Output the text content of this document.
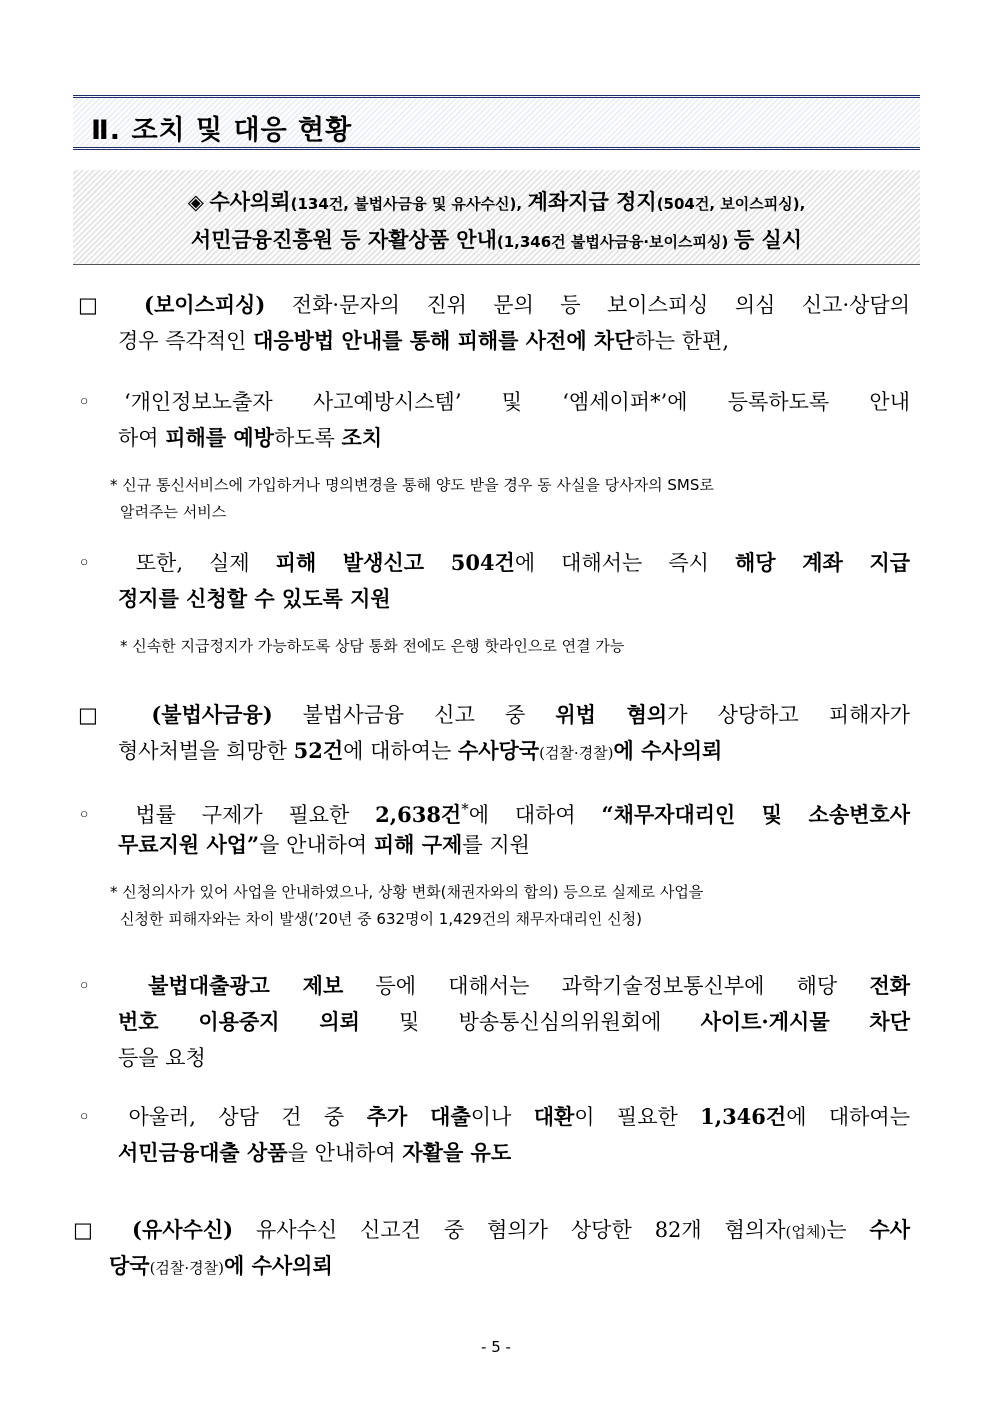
Ⅱ. 조치 및 대응 현황
◈ 수사의뢰(134건, 불법사금융 및 유사수신), 계좌지급 정지(504건, 보이스피싱),
서민금융진흥원 등 자활상품 안내(1,346건 불법사금융·보이스피싱) 등 실시
□ (보이스피싱) 전화·문자의 진위 문의 등 보이스피싱 의심 신고·상담의
경우 즉각적인 대응방법 안내를 통해 피해를 사전에 차단하는 한편,
◦‘개인정보노출자 사고예방시스템’ 및 ‘엠세이퍼*’에 등록하도록 안내
하여 피해를 예방하도록 조치
* 신규 통신서비스에 가입하거나 명의변경을 통해 양도 받을 경우 동 사실을 당사자의 SMS로
알려주는 서비스
◦ 또한, 실제 피해 발생신고 504건에 대해서는 즉시 해당 계좌 지급
정지를 신청할 수 있도록 지원
* 신속한 지급정지가 가능하도록 상담 통화 전에도 은행 핫라인으로 연결 가능
□ (불법사금융) 불법사금융 신고 중 위법 혐의가 상당하고 피해자가
형사처벌을 희망한 52건에 대하여는 수사당국(검찰·경찰)에 수사의뢰
◦ 법률 구제가 필요한 2,638건*에 대하여 “채무자대리인 및 소송변호사
무료지원 사업”을 안내하여 피해 구제를 지원
* 신청의사가 있어 사업을 안내하였으나, 상황 변화(채권자와의 합의) 등으로 실제로 사업을
신청한 피해자와는 차이 발생(’20년 중 632명이 1,429건의 채무자대리인 신청)
◦ 불법대출광고 제보 등에 대해서는 과학기술정보통신부에 해당 전화
번호 이용중지 의뢰 및 방송통신심의위원회에 사이트·게시물 차단
등을 요청
◦ 아울러, 상담 건 중 추가 대출이나 대환이 필요한 1,346건에 대하여는
서민금융대출 상품을 안내하여 자활을 유도
□ (유사수신) 유사수신 신고건 중 혐의가 상당한 82개 혐의자(업체)는 수사
당국(검찰·경찰)에 수사의뢰
- 5 -
